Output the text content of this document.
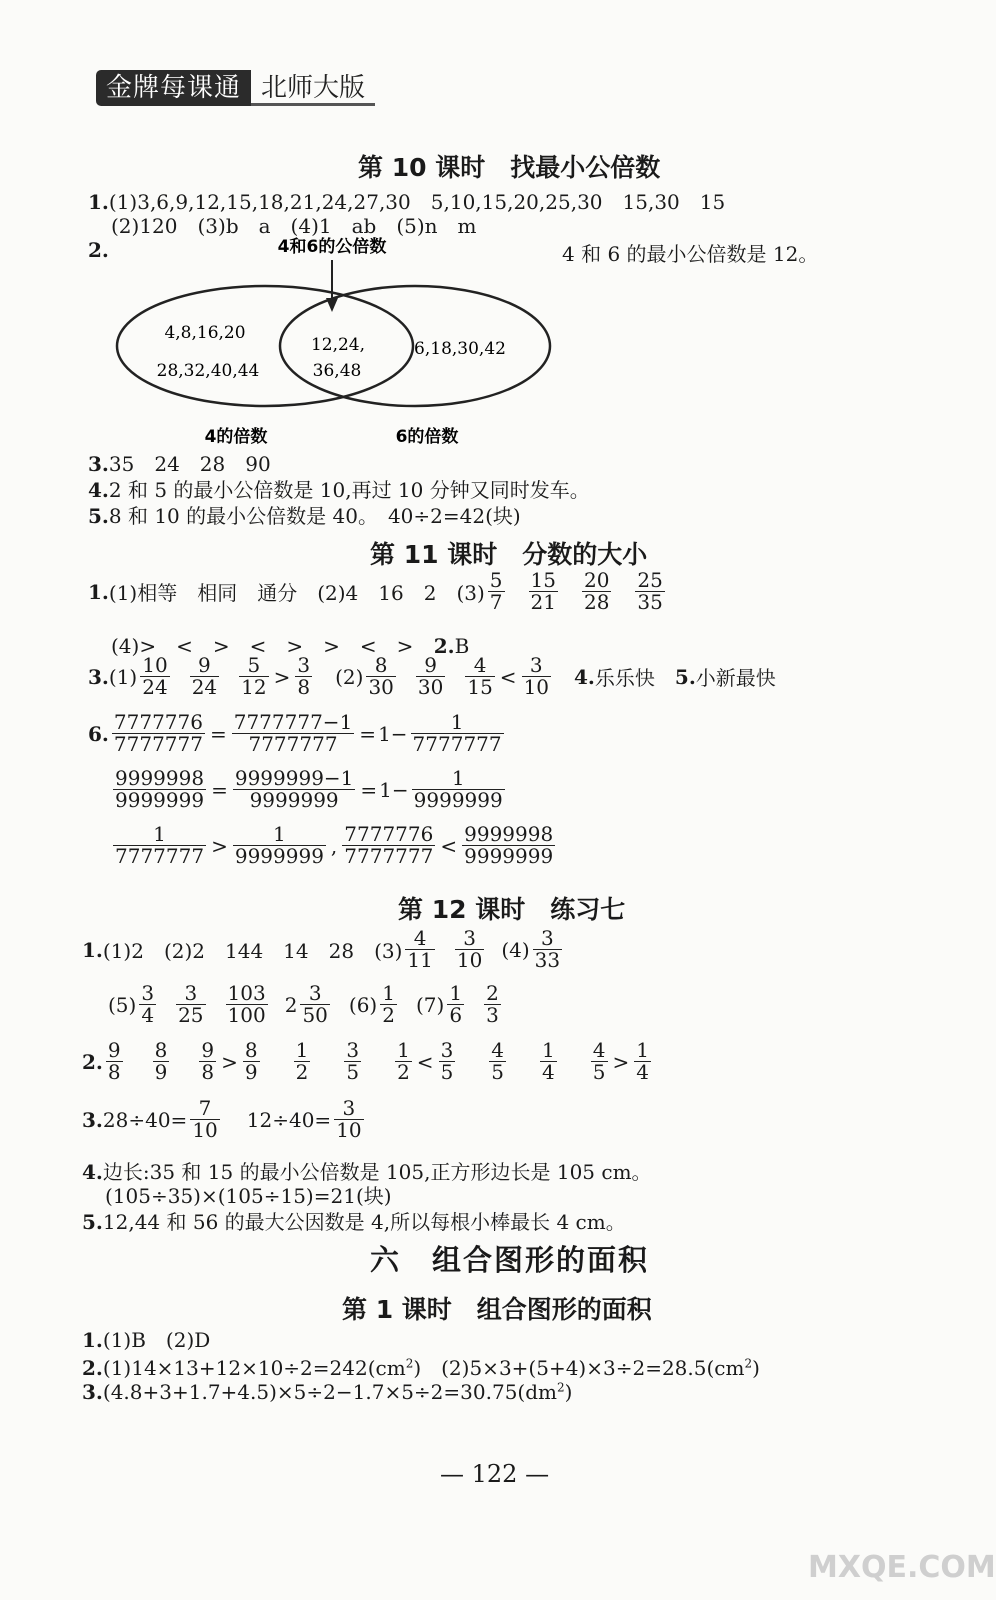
金牌每课通 北师大版
第 10 课时　找最小公倍数
1.(1)3,6,9,12,15,18,21,24,27,30　5,10,15,20,25,30　15,30　15
(2)120　(3)b　a　(4)1　ab　(5)n　m
2.	4 和 6 的最小公倍数是 12。
4和6的公倍数
4,8,16,20
28,32,40,44
12,24,
36,48
6,18,30,42
4的倍数	6的倍数
3.35　24　28　90
4.2 和 5 的最小公倍数是 10,再过 10 分钟又同时发车。
5.8 和 10 的最小公倍数是 40。　40÷2=42(块)
第 11 课时　分数的大小
1. (1)相等　相同　通分　(2)4　16　2　$(3) \frac{5}{7} \frac{15}{21} \frac{20}{28} \frac{25}{35}$
(4)>　<　>　<　>　>　<　> 2.B
3. $(1) \frac{10}{24} \frac{9}{24} \frac{5}{12} > \frac{3}{8} (2) \frac{8}{30} \frac{9}{30} \frac{4}{15} < \frac{3}{10} 4$. 乐乐快 5. 小新最快
6. $\frac{7777776}{7777777} = \frac{7777777-1}{7777777} = 1- \frac{1}{7777777}$
$\frac{9999998}{9999999} = \frac{9999999-1}{9999999} = 1- \frac{1}{9999999}$
$\frac{1}{7777777} > \frac{1}{9999999}$ , $\frac{7777776}{7777777} < \frac{9999998}{9999999}$
第 12 课时　练习七
1. (1)2　(2)2　144　14　28　$(3) \frac{4}{11} \frac{3}{10} (4) \frac{3}{33}$
$(5) \frac{3}{4} \frac{3}{25} \frac{103}{100} 2 \frac{3}{50} (6) \frac{1}{2} (7) \frac{1}{6} \frac{2}{3}$
2. $\frac{9}{8} \frac{8}{9} \frac{9}{8} > \frac{8}{9} \frac{1}{2} \frac{3}{5} \frac{1}{2} < \frac{3}{5} \frac{4}{5} \frac{1}{4} \frac{4}{5} > \frac{1}{4}$
3. $28\div 40= \frac{7}{10} 12\div 40= \frac{3}{10}$
4.边长:35 和 15 的最小公倍数是 105,正方形边长是 105 cm。
(105÷35)×(105÷15)=21(块)
5.12,44 和 56 的最大公因数是 4,所以每根小棒最长 4 cm。
六　组合图形的面积
第 1 课时　组合图形的面积
1.(1)B　(2)D
$2.(1)14\times 13+12\times 10\div 2=242(cm^2)$　$(2)5\times 3+(5+4)\times 3\div 2=28.5(cm^2)$
$3.(4.8+3+1.7+4.5)\times 5\div 2-1.7\times 5\div 2=30.75(dm^2)$
— 122 —
MXQE.COM
